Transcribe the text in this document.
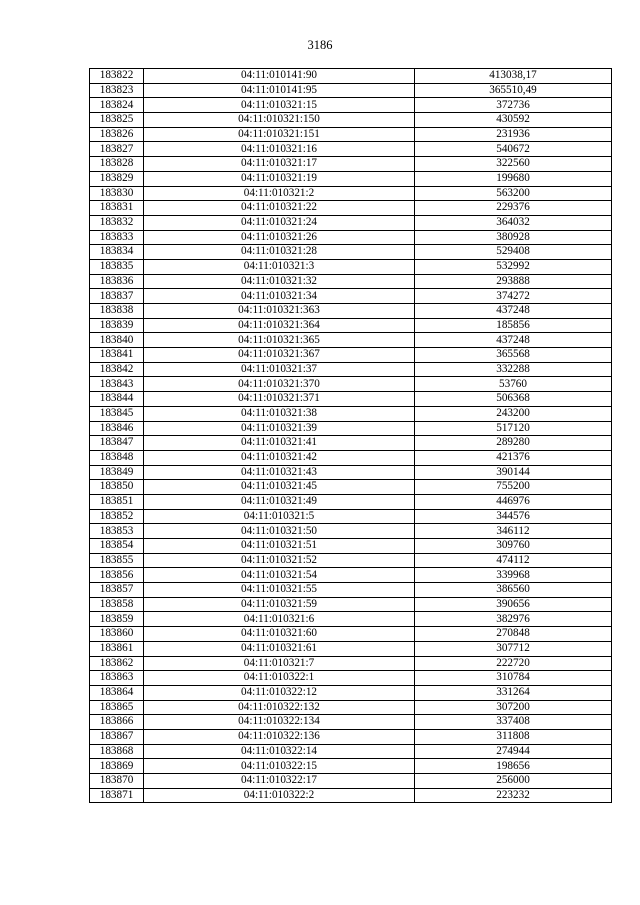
3186
183822	04:11:010141:90	413038,17
183823	04:11:010141:95	365510,49
183824	04:11:010321:15	372736
183825	04:11:010321:150	430592
183826	04:11:010321:151	231936
183827	04:11:010321:16	540672
183828	04:11:010321:17	322560
183829	04:11:010321:19	199680
183830	04:11:010321:2	563200
183831	04:11:010321:22	229376
183832	04:11:010321:24	364032
183833	04:11:010321:26	380928
183834	04:11:010321:28	529408
183835	04:11:010321:3	532992
183836	04:11:010321:32	293888
183837	04:11:010321:34	374272
183838	04:11:010321:363	437248
183839	04:11:010321:364	185856
183840	04:11:010321:365	437248
183841	04:11:010321:367	365568
183842	04:11:010321:37	332288
183843	04:11:010321:370	53760
183844	04:11:010321:371	506368
183845	04:11:010321:38	243200
183846	04:11:010321:39	517120
183847	04:11:010321:41	289280
183848	04:11:010321:42	421376
183849	04:11:010321:43	390144
183850	04:11:010321:45	755200
183851	04:11:010321:49	446976
183852	04:11:010321:5	344576
183853	04:11:010321:50	346112
183854	04:11:010321:51	309760
183855	04:11:010321:52	474112
183856	04:11:010321:54	339968
183857	04:11:010321:55	386560
183858	04:11:010321:59	390656
183859	04:11:010321:6	382976
183860	04:11:010321:60	270848
183861	04:11:010321:61	307712
183862	04:11:010321:7	222720
183863	04:11:010322:1	310784
183864	04:11:010322:12	331264
183865	04:11:010322:132	307200
183866	04:11:010322:134	337408
183867	04:11:010322:136	311808
183868	04:11:010322:14	274944
183869	04:11:010322:15	198656
183870	04:11:010322:17	256000
183871	04:11:010322:2	223232
